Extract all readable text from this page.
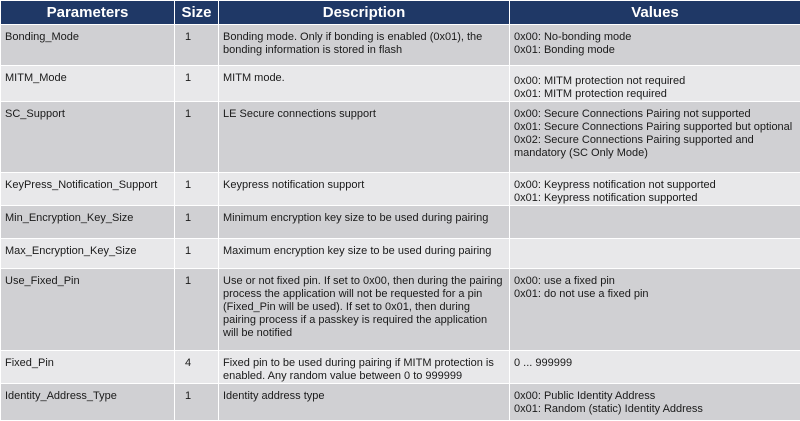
Parameters	Size	Description	Values
Bonding_Mode	1	Bonding mode. Only if bonding is enabled (0x01), the bonding information is stored in flash	0x00: No-bonding mode
0x01: Bonding mode

MITM_Mode	1	MITM mode.	0x00: MITM protection not required
0x01: MITM protection required

SC_Support	1	LE Secure connections support	0x00: Secure Connections Pairing not supported
0x01: Secure Connections Pairing supported but optional
0x02: Secure Connections Pairing supported and mandatory (SC Only Mode)

KeyPress_Notification_Support	1	Keypress notification support	0x00: Keypress notification not supported
0x01: Keypress notification supported

Min_Encryption_Key_Size	1	Minimum encryption key size to be used during pairing	
Max_Encryption_Key_Size	1	Maximum encryption key size to be used during pairing	
Use_Fixed_Pin	1	Use or not fixed pin. If set to 0x00, then during the pairing process the application will not be requested for a pin (Fixed_Pin will be used). If set to 0x01, then during pairing process if a passkey is required the application will be notified	0x00: use a fixed pin
0x01: do not use a fixed pin

Fixed_Pin	4	Fixed pin to be used during pairing if MITM protection is enabled. Any random value between 0 to 999999	0 ... 999999

Identity_Address_Type	1	Identity address type	0x00: Public Identity Address
0x01: Random (static) Identity Address
